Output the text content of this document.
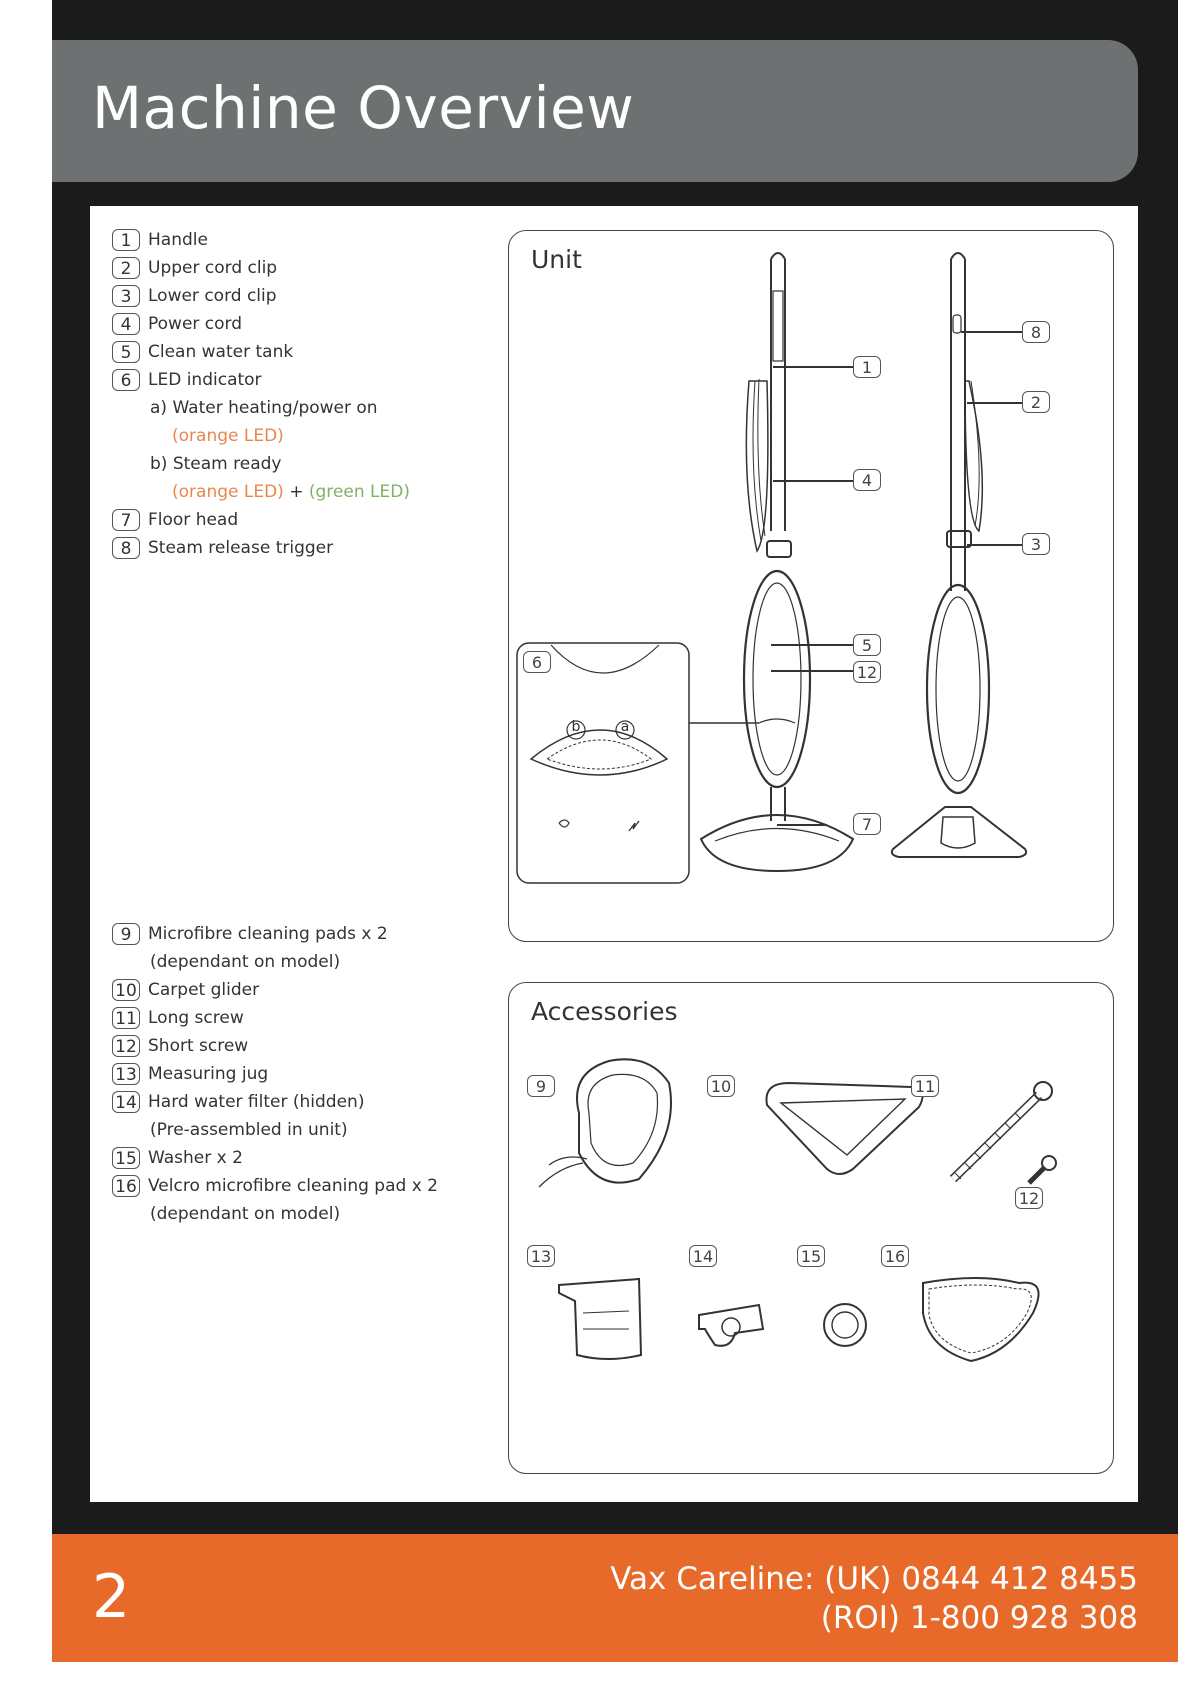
Machine Overview
1 Handle
2 Upper cord clip
3 Lower cord clip
4 Power cord
5 Clean water tank
6 LED indicator
a) Water heating/power on
(orange LED)
b) Steam ready
(orange LED) + (green LED)
7 Floor head
8 Steam release trigger
9 Microfibre cleaning pads x 2
(dependant on model)
10 Carpet glider
11 Long screw
12 Short screw
13 Measuring jug
14 Hard water filter (hidden)
(Pre-assembled in unit)
15 Washer x 2
16 Velcro microfibre cleaning pad x 2
(dependant on model)
Unit
1
4
5
12
7
8
2
3
6
b	a
Accessories
9	10	11
12
13	14	15	16
2	Vax Careline: (UK) 0844 412 8455
(ROI) 1-800 928 308
